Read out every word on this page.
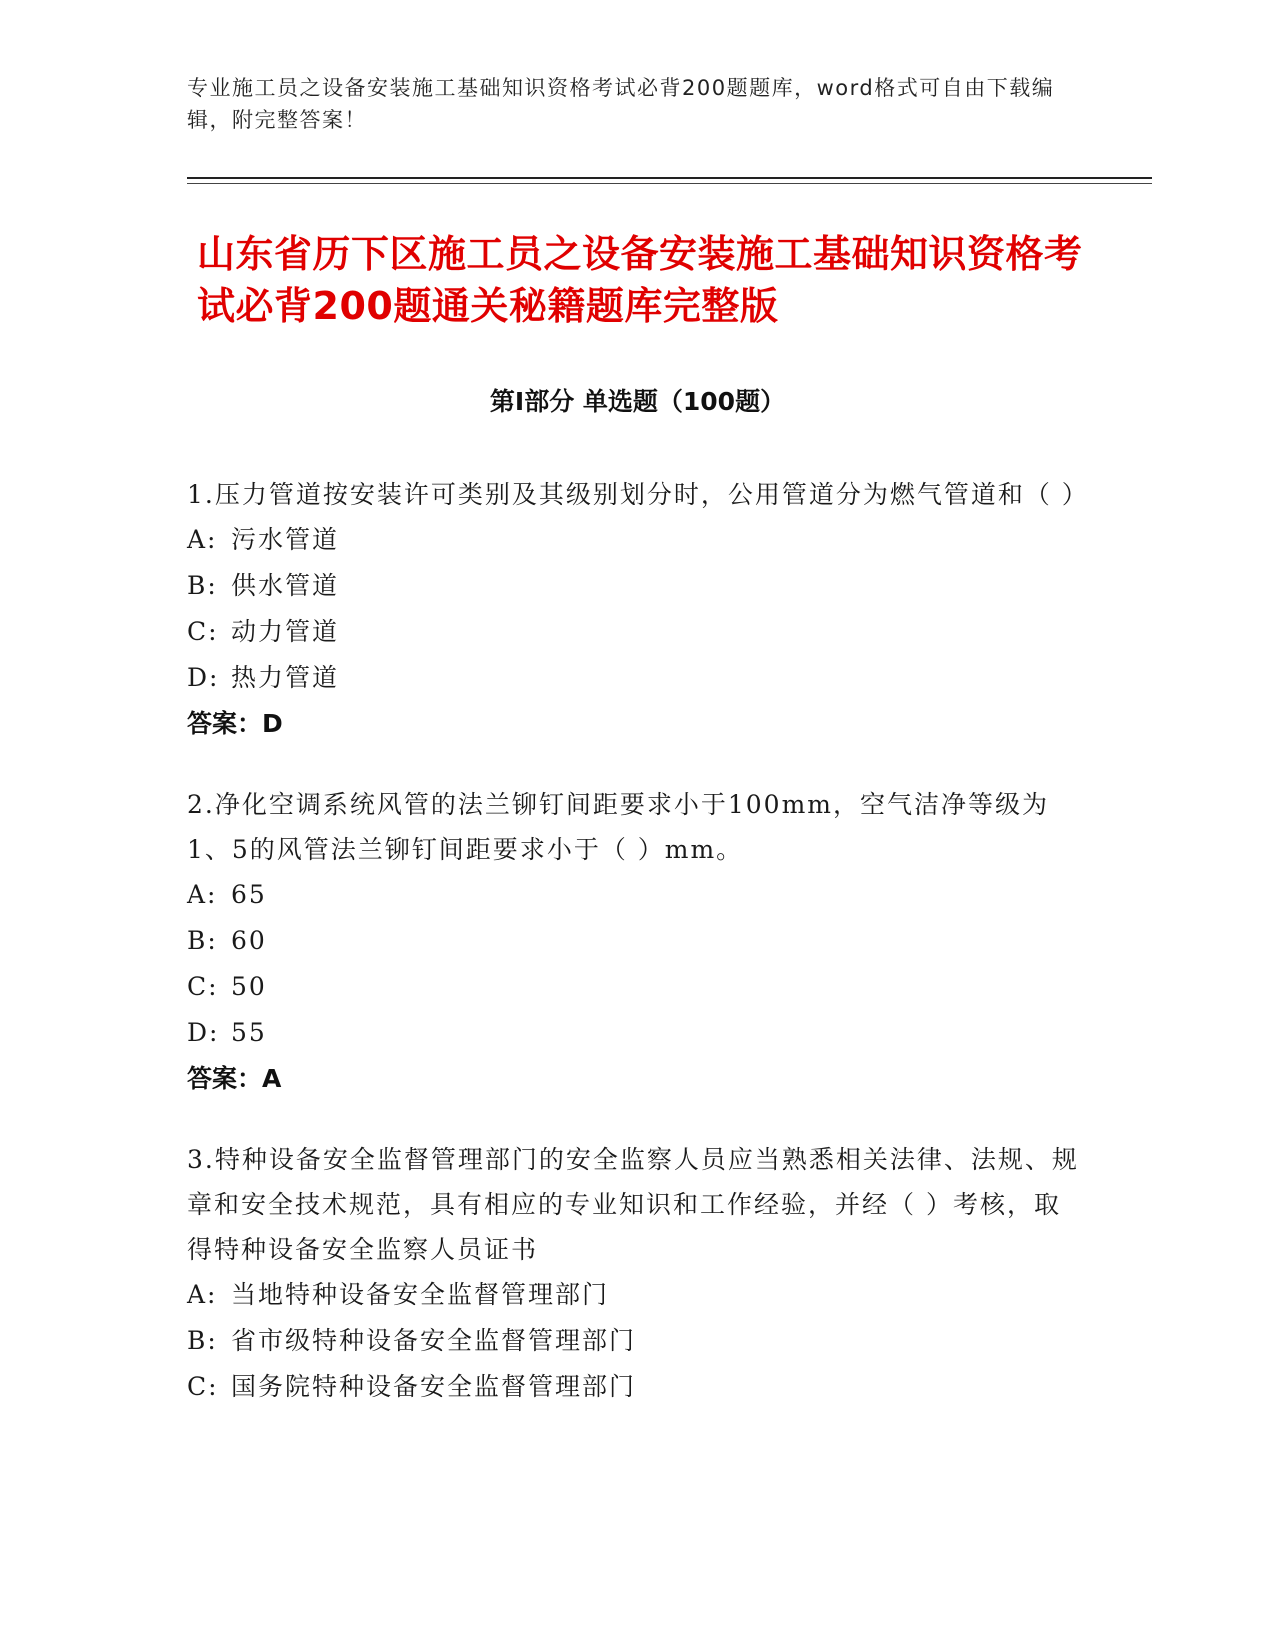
专业施工员之设备安装施工基础知识资格考试必背200题题库，word格式可自由下载编辑，附完整答案！
山东省历下区施工员之设备安装施工基础知识资格考试必背200题通关秘籍题库完整版
第Ⅰ部分 单选题（100题）
1.压力管道按安装许可类别及其级别划分时，公用管道分为燃气管道和（ ）
A: 污水管道
B: 供水管道
C: 动力管道
D: 热力管道
答案：D
2.净化空调系统风管的法兰铆钉间距要求小于100mm，空气洁净等级为1、5的风管法兰铆钉间距要求小于（ ）mm。
A: 65
B: 60
C: 50
D: 55
答案：A
3.特种设备安全监督管理部门的安全监察人员应当熟悉相关法律、法规、规章和安全技术规范，具有相应的专业知识和工作经验，并经（ ）考核，取得特种设备安全监察人员证书
A: 当地特种设备安全监督管理部门
B: 省市级特种设备安全监督管理部门
C: 国务院特种设备安全监督管理部门
